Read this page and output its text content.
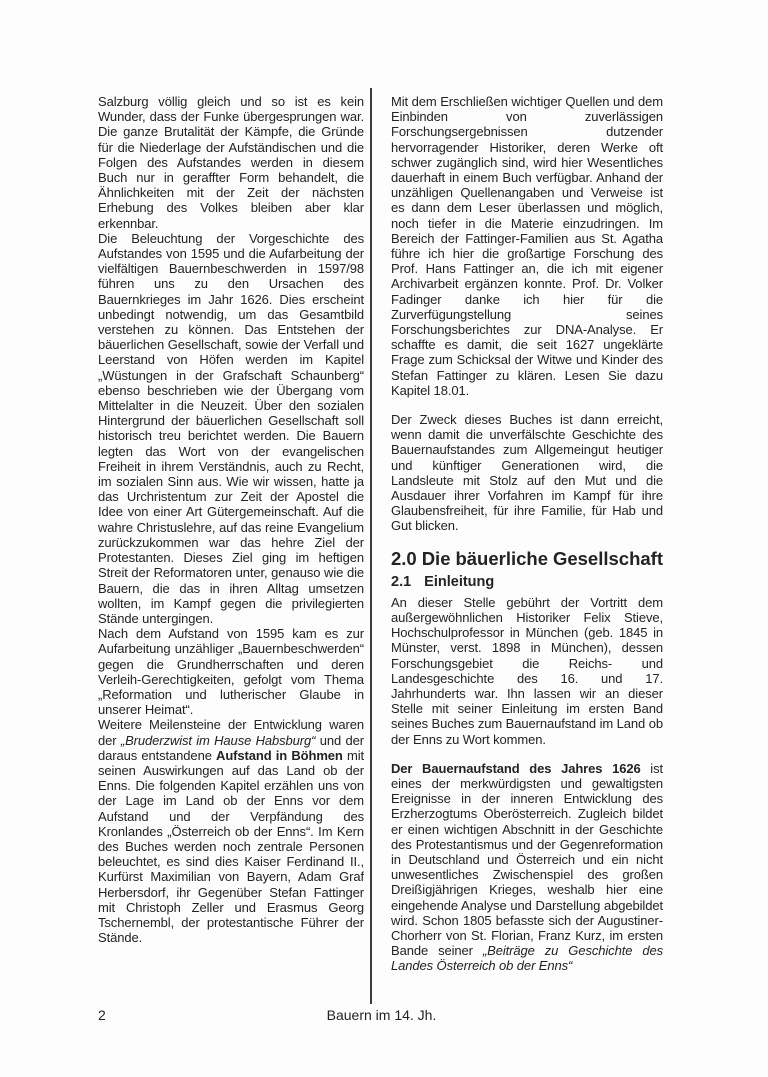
Salzburg völlig gleich und so ist es kein Wunder, dass der Funke übergesprungen war. Die ganze Brutalität der Kämpfe, die Gründe für die Niederlage der Aufständischen und die Folgen des Aufstandes werden in diesem Buch nur in geraffter Form behandelt, die Ähnlichkeiten mit der Zeit der nächsten Erhebung des Volkes bleiben aber klar erkennbar.

Die Beleuchtung der Vorgeschichte des Aufstandes von 1595 und die Aufarbeitung der vielfältigen Bauernbeschwerden in 1597/98 führen uns zu den Ursachen des Bauernkrieges im Jahr 1626. Dies erscheint unbedingt notwendig, um das Gesamtbild verstehen zu können. Das Entstehen der bäuerlichen Gesellschaft, sowie der Verfall und Leerstand von Höfen werden im Kapitel „Wüstungen in der Grafschaft Schaunberg“ ebenso beschrieben wie der Übergang vom Mittelalter in die Neuzeit. Über den sozialen Hintergrund der bäuerlichen Gesellschaft soll historisch treu berichtet werden. Die Bauern legten das Wort von der evangelischen Freiheit in ihrem Verständnis, auch zu Recht, im sozialen Sinn aus. Wie wir wissen, hatte ja das Urchristentum zur Zeit der Apostel die Idee von einer Art Gütergemeinschaft. Auf die wahre Christuslehre, auf das reine Evangelium zurückzukommen war das hehre Ziel der Protestanten. Dieses Ziel ging im heftigen Streit der Reformatoren unter, genauso wie die Bauern, die das in ihren Alltag umsetzen wollten, im Kampf gegen die privilegierten Stände untergingen.

Nach dem Aufstand von 1595 kam es zur Aufarbeitung unzähliger „Bauernbeschwerden“ gegen die Grundherrschaften und deren Verleih-Gerechtigkeiten, gefolgt vom Thema „Reformation und lutherischer Glaube in unserer Heimat“.

Weitere Meilensteine der Entwicklung waren der „Bruderzwist im Hause Habsburg“ und der daraus entstandene Aufstand in Böhmen mit seinen Auswirkungen auf das Land ob der Enns. Die folgenden Kapitel erzählen uns von der Lage im Land ob der Enns vor dem Aufstand und der Verpfändung des Kronlandes „Österreich ob der Enns“. Im Kern des Buches werden noch zentrale Personen beleuchtet, es sind dies Kaiser Ferdinand II., Kurfürst Maximilian von Bayern, Adam Graf Herbersdorf, ihr Gegenüber Stefan Fattinger mit Christoph Zeller und Erasmus Georg Tschernembl, der protestantische Führer der Stände.

Mit dem Erschließen wichtiger Quellen und dem Einbinden von zuverlässigen Forschungsergebnissen dutzender hervorragender Historiker, deren Werke oft schwer zugänglich sind, wird hier Wesentliches dauerhaft in einem Buch verfügbar. Anhand der unzähligen Quellenangaben und Verweise ist es dann dem Leser überlassen und möglich, noch tiefer in die Materie einzudringen. Im Bereich der Fattinger-Familien aus St. Agatha führe ich hier die großartige Forschung des Prof. Hans Fattinger an, die ich mit eigener Archivarbeit ergänzen konnte. Prof. Dr. Volker Fadinger danke ich hier für die Zurverfügungstellung seines Forschungsberichtes zur DNA-Analyse. Er schaffte es damit, die seit 1627 ungeklärte Frage zum Schicksal der Witwe und Kinder des Stefan Fattinger zu klären. Lesen Sie dazu Kapitel 18.01.

Der Zweck dieses Buches ist dann erreicht, wenn damit die unverfälschte Geschichte des Bauernaufstandes zum Allgemeingut heutiger und künftiger Generationen wird, die Landsleute mit Stolz auf den Mut und die Ausdauer ihrer Vorfahren im Kampf für ihre Glaubensfreiheit, für ihre Familie, für Hab und Gut blicken.

2.0 Die bäuerliche Gesellschaft
2.1 Einleitung

An dieser Stelle gebührt der Vortritt dem außergewöhnlichen Historiker Felix Stieve, Hochschulprofessor in München (geb. 1845 in Münster, verst. 1898 in München), dessen Forschungsgebiet die Reichs- und Landesgeschichte des 16. und 17. Jahrhunderts war. Ihn lassen wir an dieser Stelle mit seiner Einleitung im ersten Band seines Buches zum Bauernaufstand im Land ob der Enns zu Wort kommen.

Der Bauernaufstand des Jahres 1626 ist eines der merkwürdigsten und gewaltigsten Ereignisse in der inneren Entwicklung des Erzherzogtums Oberösterreich. Zugleich bildet er einen wichtigen Abschnitt in der Geschichte des Protestantismus und der Gegenreformation in Deutschland und Österreich und ein nicht unwesentliches Zwischenspiel des großen Dreißigjährigen Krieges, weshalb hier eine eingehende Analyse und Darstellung abgebildet wird. Schon 1805 befasste sich der Augustiner-Chorherr von St. Florian, Franz Kurz, im ersten Bande seiner „Beiträge zu Geschichte des Landes Österreich ob der Enns“

2	Bauern im 14. Jh.
